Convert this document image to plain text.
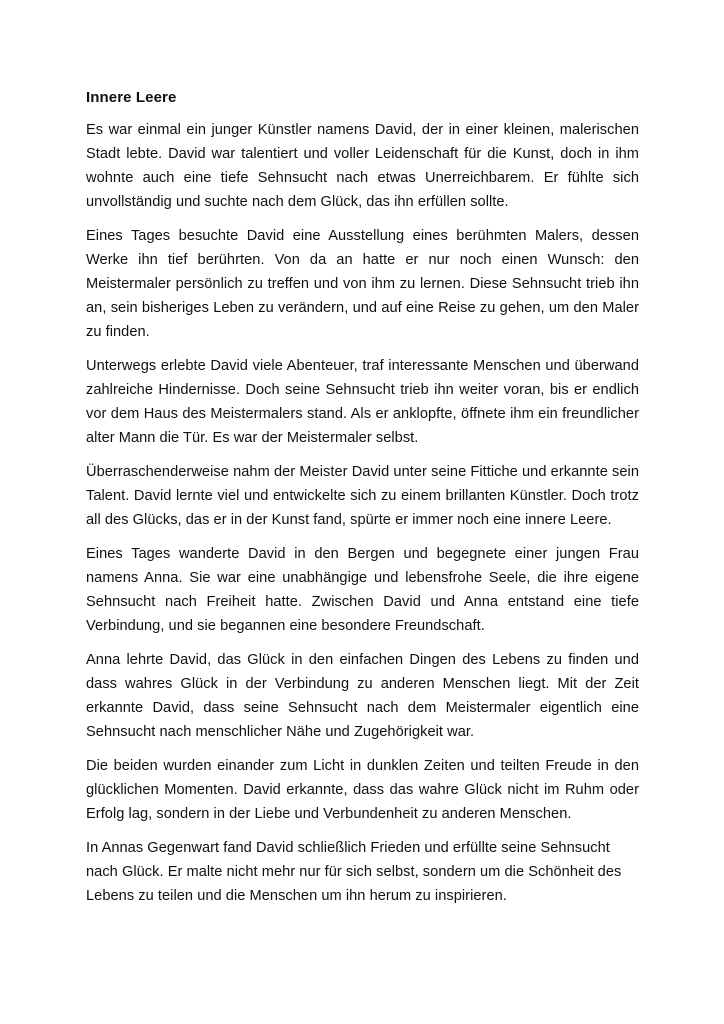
Innere Leere

Es war einmal ein junger Künstler namens David, der in einer kleinen, malerischen Stadt lebte. David war talentiert und voller Leidenschaft für die Kunst, doch in ihm wohnte auch eine tiefe Sehnsucht nach etwas Unerreichbarem. Er fühlte sich unvollständig und suchte nach dem Glück, das ihn erfüllen sollte.

Eines Tages besuchte David eine Ausstellung eines berühmten Malers, dessen Werke ihn tief berührten. Von da an hatte er nur noch einen Wunsch: den Meistermaler persönlich zu treffen und von ihm zu lernen. Diese Sehnsucht trieb ihn an, sein bisheriges Leben zu verändern, und auf eine Reise zu gehen, um den Maler zu finden.

Unterwegs erlebte David viele Abenteuer, traf interessante Menschen und überwand zahlreiche Hindernisse. Doch seine Sehnsucht trieb ihn weiter voran, bis er endlich vor dem Haus des Meistermalers stand. Als er anklopfte, öffnete ihm ein freundlicher alter Mann die Tür. Es war der Meistermaler selbst.

Überraschenderweise nahm der Meister David unter seine Fittiche und erkannte sein Talent. David lernte viel und entwickelte sich zu einem brillanten Künstler. Doch trotz all des Glücks, das er in der Kunst fand, spürte er immer noch eine innere Leere.

Eines Tages wanderte David in den Bergen und begegnete einer jungen Frau namens Anna. Sie war eine unabhängige und lebensfrohe Seele, die ihre eigene Sehnsucht nach Freiheit hatte. Zwischen David und Anna entstand eine tiefe Verbindung, und sie begannen eine besondere Freundschaft.

Anna lehrte David, das Glück in den einfachen Dingen des Lebens zu finden und dass wahres Glück in der Verbindung zu anderen Menschen liegt. Mit der Zeit erkannte David, dass seine Sehnsucht nach dem Meistermaler eigentlich eine Sehnsucht nach menschlicher Nähe und Zugehörigkeit war.

Die beiden wurden einander zum Licht in dunklen Zeiten und teilten Freude in den glücklichen Momenten. David erkannte, dass das wahre Glück nicht im Ruhm oder Erfolg lag, sondern in der Liebe und Verbundenheit zu anderen Menschen.

In Annas Gegenwart fand David schließlich Frieden und erfüllte seine Sehnsucht nach Glück. Er malte nicht mehr nur für sich selbst, sondern um die Schönheit des Lebens zu teilen und die Menschen um ihn herum zu inspirieren.
